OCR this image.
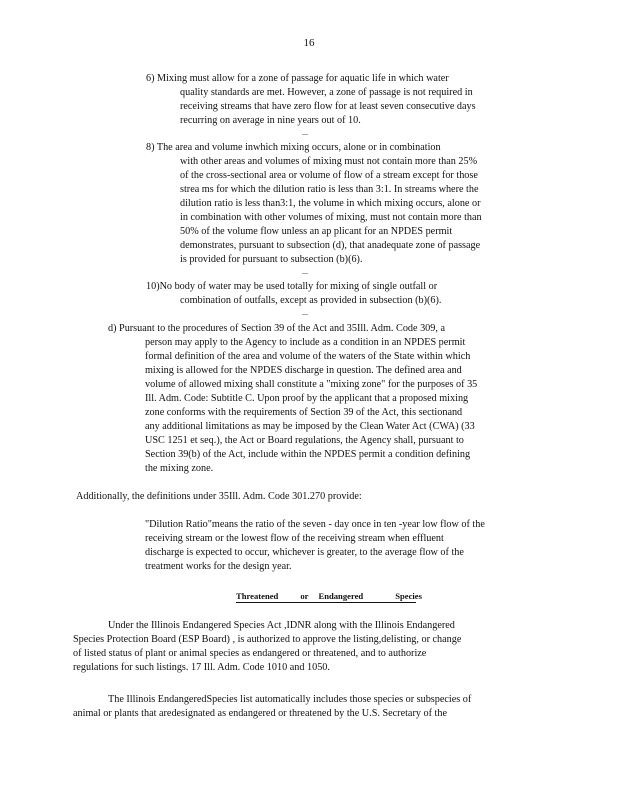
16
6) Mixing must allow for a zone of passage for aquatic life in which water
quality standards are met. However, a zone of passage is not required in
receiving streams that have zero flow for at least seven consecutive days
recurring on average in nine years out of 10.
...
8) The area and volume inwhich mixing occurs, alone or in combination
with other areas and volumes of mixing must not contain more than 25%
of the cross-sectional area or volume of flow of a stream except for those
strea ms for which the dilution ratio is less than 3:1. In streams where the
dilution ratio is less than3:1, the volume in which mixing occurs, alone or
in combination with other volumes of mixing, must not contain more than
50% of the volume flow unless an ap plicant for an NPDES permit
demonstrates, pursuant to subsection (d), that anadequate zone of passage
is provided for pursuant to subsection (b)(6).
...
10)No body of water may be used totally for mixing of single outfall or
combination of outfalls, except as provided in subsection (b)(6).
...
d) Pursuant to the procedures of Section 39 of the Act and 35Ill. Adm. Code 309, a
person may apply to the Agency to include as a condition in an NPDES permit
formal definition of the area and volume of the waters of the State within which
mixing is allowed for the NPDES discharge in question. The defined area and
volume of allowed mixing shall constitute a "mixing zone" for the purposes of 35
Ill. Adm. Code: Subtitle C. Upon proof by the applicant that a proposed mixing
zone conforms with the requirements of Section 39 of the Act, this sectionand
any additional limitations as may be imposed by the Clean Water Act (CWA) (33
USC 1251 et seq.), the Act or Board regulations, the Agency shall, pursuant to
Section 39(b) of the Act, include within the NPDES permit a condition defining
the mixing zone.
Additionally, the definitions under 35Ill. Adm. Code 301.270 provide:
"Dilution Ratio"means the ratio of the seven - day once in ten -year low flow of the
receiving stream or the lowest flow of the receiving stream when effluent
discharge is expected to occur, whichever is greater, to the average flow of the
treatment works for the design year.
Threatened	or Endangered	Species
Under the Illinois Endangered Species Act ,IDNR along with the Illinois Endangered
Species Protection Board (ESP Board) , is authorized to approve the listing,delisting, or change
of listed status of plant or animal species as endangered or threatened, and to authorize
regulations for such listings. 17 Ill. Adm. Code 1010 and 1050.
The Illinois EndangeredSpecies list automatically includes those species or subspecies of
animal or plants that aredesignated as endangered or threatened by the U.S. Secretary of the
